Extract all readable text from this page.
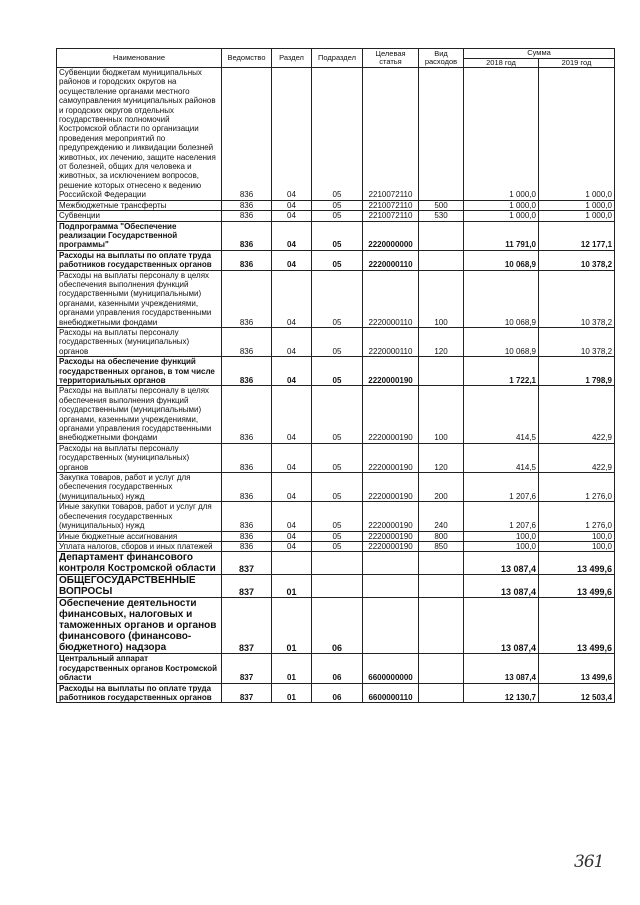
Наименование	Ведомство	Раздел	Подраздел	Целевая статья	Вид расходов	Сумма	
						2018 год	2019 год
Субвенции бюджетам муниципальных районов и городских округов на осуществление органами местного самоуправления муниципальных районов и городских округов отдельных государственных полномочий Костромской области по организации проведения мероприятий по предупреждению и ликвидации болезней животных, их лечению, защите населения от болезней, общих для человека и животных, за исключением вопросов, решение которых отнесено к ведению Российской Федерации	836	04	05	2210072110		1 000,0	1 000,0
Межбюджетные трансферты	836	04	05	2210072110	500	1 000,0	1 000,0
Субвенции	836	04	05	2210072110	530	1 000,0	1 000,0
Подпрограмма "Обеспечение реализации Государственной программы"	836	04	05	2220000000		11 791,0	12 177,1
Расходы на выплаты по оплате труда работников государственных органов	836	04	05	2220000110		10 068,9	10 378,2
Расходы на выплаты персоналу в целях обеспечения выполнения функций государственными (муниципальными) органами, казенными учреждениями, органами управления государственными внебюджетными фондами	836	04	05	2220000110	100	10 068,9	10 378,2
Расходы на выплаты персоналу государственных (муниципальных) органов	836	04	05	2220000110	120	10 068,9	10 378,2
Расходы на обеспечение функций государственных органов, в том числе территориальных органов	836	04	05	2220000190		1 722,1	1 798,9
Расходы на выплаты персоналу в целях обеспечения выполнения функций государственными (муниципальными) органами, казенными учреждениями, органами управления государственными внебюджетными фондами	836	04	05	2220000190	100	414,5	422,9
Расходы на выплаты персоналу государственных (муниципальных) органов	836	04	05	2220000190	120	414,5	422,9
Закупка товаров, работ и услуг для обеспечения государственных (муниципальных) нужд	836	04	05	2220000190	200	1 207,6	1 276,0
Иные закупки товаров, работ и услуг для обеспечения государственных (муниципальных) нужд	836	04	05	2220000190	240	1 207,6	1 276,0
Иные бюджетные ассигнования	836	04	05	2220000190	800	100,0	100,0
Уплата налогов, сборов и иных платежей	836	04	05	2220000190	850	100,0	100,0
Департамент финансового контроля Костромской области	837					13 087,4	13 499,6
ОБЩЕГОСУДАРСТВЕННЫЕ ВОПРОСЫ	837	01				13 087,4	13 499,6
Обеспечение деятельности финансовых, налоговых и таможенных органов и органов финансового (финансово-бюджетного) надзора	837	01	06			13 087,4	13 499,6
Центральный аппарат государственных органов Костромской области	837	01	06	6600000000		13 087,4	13 499,6
Расходы на выплаты по оплате труда работников государственных органов	837	01	06	6600000110		12 130,7	12 503,4
361
